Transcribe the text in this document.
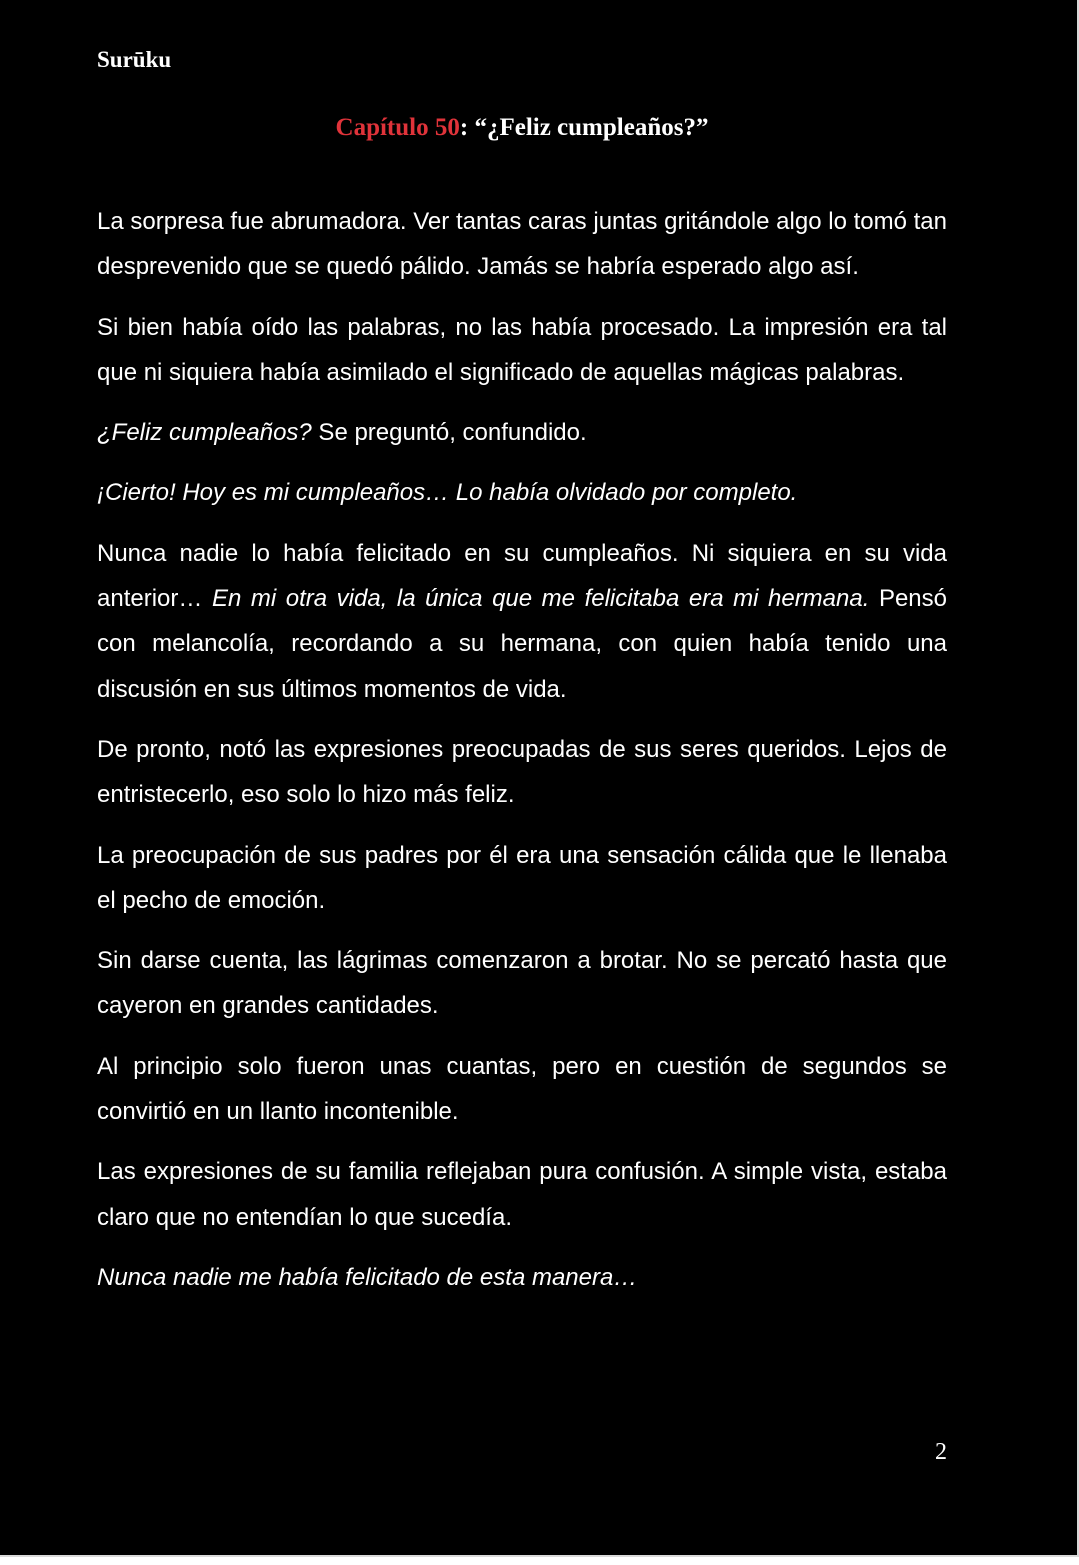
Surūku
Capítulo 50: “¿Feliz cumpleaños?”

La sorpresa fue abrumadora. Ver tantas caras juntas gritándole algo lo tomó tan desprevenido que se quedó pálido. Jamás se habría esperado algo así.

Si bien había oído las palabras, no las había procesado. La impresión era tal que ni siquiera había asimilado el significado de aquellas mágicas palabras.

¿Feliz cumpleaños? Se preguntó, confundido.

¡Cierto! Hoy es mi cumpleaños… Lo había olvidado por completo.

Nunca nadie lo había felicitado en su cumpleaños. Ni siquiera en su vida anterior… En mi otra vida, la única que me felicitaba era mi hermana. Pensó con melancolía, recordando a su hermana, con quien había tenido una discusión en sus últimos momentos de vida.

De pronto, notó las expresiones preocupadas de sus seres queridos. Lejos de entristecerlo, eso solo lo hizo más feliz.

La preocupación de sus padres por él era una sensación cálida que le llenaba el pecho de emoción.

Sin darse cuenta, las lágrimas comenzaron a brotar. No se percató hasta que cayeron en grandes cantidades.

Al principio solo fueron unas cuantas, pero en cuestión de segundos se convirtió en un llanto incontenible.

Las expresiones de su familia reflejaban pura confusión. A simple vista, estaba claro que no entendían lo que sucedía.

Nunca nadie me había felicitado de esta manera…

2
